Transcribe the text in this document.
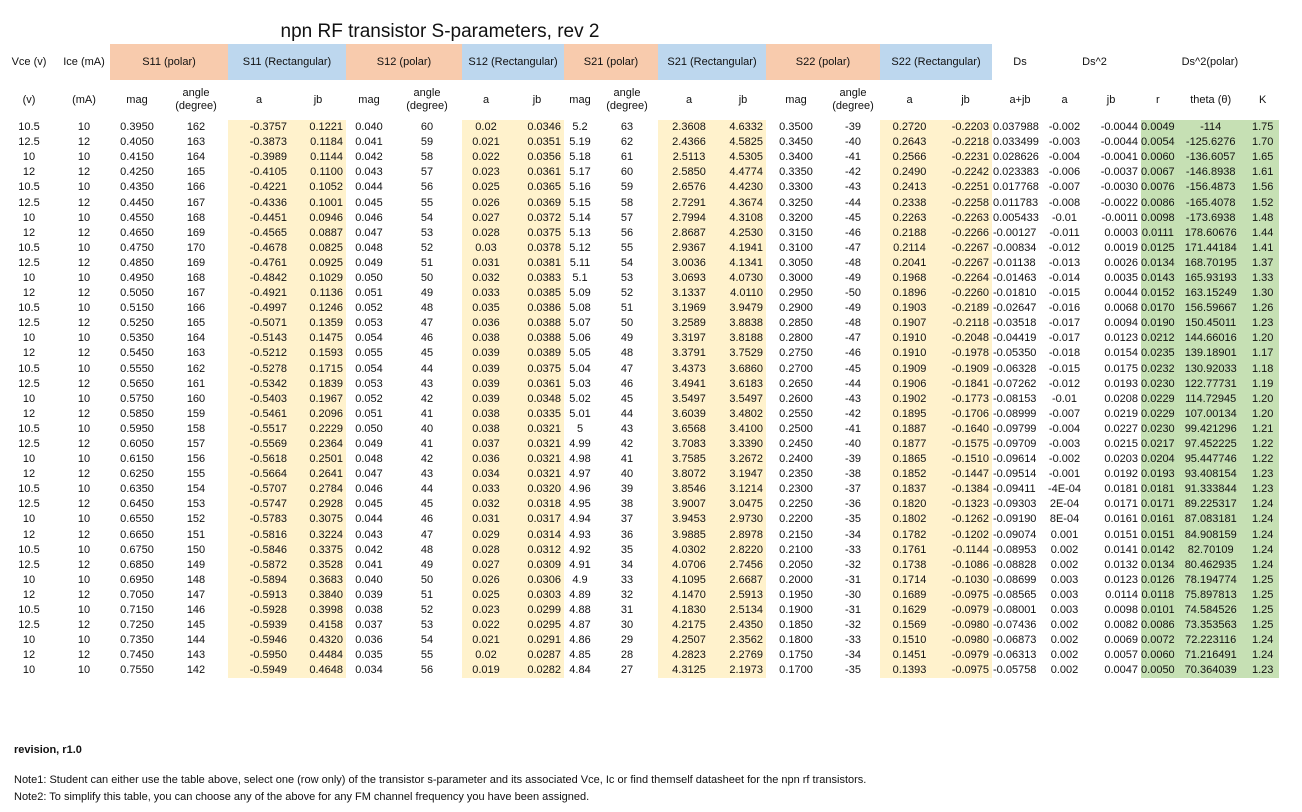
npn RF transistor S-parameters, rev 2
Vce (v)	Ice (mA)	S11 (polar)		S11 (Rectangular)		S12 (polar)		S12 (Rectangular)		S21 (polar)		S21 (Rectangular)		S22 (polar)		S22 (Rectangular)		Ds	Ds^2		Ds^2(polar)		
(v)	(mA)	mag	angle (degree)	a	jb	mag	angle (degree)	a	jb	mag	angle (degree)	a	jb	mag	angle (degree)	a	jb	a+jb	a	jb	r	theta (θ)	K
10.5	10	0.3950	162	-0.3757	0.1221	0.040	60	0.02	0.0346	5.2	63	2.3608	4.6332	0.3500	-39	0.2720	-0.2203	0.037988	-0.002	-0.0044	0.0049	-114	1.75
12.5	12	0.4050	163	-0.3873	0.1184	0.041	59	0.021	0.0351	5.19	62	2.4366	4.5825	0.3450	-40	0.2643	-0.2218	0.033499	-0.003	-0.0044	0.0054	-125.6276	1.70
10	10	0.4150	164	-0.3989	0.1144	0.042	58	0.022	0.0356	5.18	61	2.5113	4.5305	0.3400	-41	0.2566	-0.2231	0.028626	-0.004	-0.0041	0.0060	-136.6057	1.65
12	12	0.4250	165	-0.4105	0.1100	0.043	57	0.023	0.0361	5.17	60	2.5850	4.4774	0.3350	-42	0.2490	-0.2242	0.023383	-0.006	-0.0037	0.0067	-146.8938	1.61
10.5	10	0.4350	166	-0.4221	0.1052	0.044	56	0.025	0.0365	5.16	59	2.6576	4.4230	0.3300	-43	0.2413	-0.2251	0.017768	-0.007	-0.0030	0.0076	-156.4873	1.56
12.5	12	0.4450	167	-0.4336	0.1001	0.045	55	0.026	0.0369	5.15	58	2.7291	4.3674	0.3250	-44	0.2338	-0.2258	0.011783	-0.008	-0.0022	0.0086	-165.4078	1.52
10	10	0.4550	168	-0.4451	0.0946	0.046	54	0.027	0.0372	5.14	57	2.7994	4.3108	0.3200	-45	0.2263	-0.2263	0.005433	-0.01	-0.0011	0.0098	-173.6938	1.48
12	12	0.4650	169	-0.4565	0.0887	0.047	53	0.028	0.0375	5.13	56	2.8687	4.2530	0.3150	-46	0.2188	-0.2266	-0.00127	-0.011	0.0003	0.0111	178.60676	1.44
10.5	10	0.4750	170	-0.4678	0.0825	0.048	52	0.03	0.0378	5.12	55	2.9367	4.1941	0.3100	-47	0.2114	-0.2267	-0.00834	-0.012	0.0019	0.0125	171.44184	1.41
12.5	12	0.4850	169	-0.4761	0.0925	0.049	51	0.031	0.0381	5.11	54	3.0036	4.1341	0.3050	-48	0.2041	-0.2267	-0.01138	-0.013	0.0026	0.0134	168.70195	1.37
10	10	0.4950	168	-0.4842	0.1029	0.050	50	0.032	0.0383	5.1	53	3.0693	4.0730	0.3000	-49	0.1968	-0.2264	-0.01463	-0.014	0.0035	0.0143	165.93193	1.33
12	12	0.5050	167	-0.4921	0.1136	0.051	49	0.033	0.0385	5.09	52	3.1337	4.0110	0.2950	-50	0.1896	-0.2260	-0.01810	-0.015	0.0044	0.0152	163.15249	1.30
10.5	10	0.5150	166	-0.4997	0.1246	0.052	48	0.035	0.0386	5.08	51	3.1969	3.9479	0.2900	-49	0.1903	-0.2189	-0.02647	-0.016	0.0068	0.0170	156.59667	1.26
12.5	12	0.5250	165	-0.5071	0.1359	0.053	47	0.036	0.0388	5.07	50	3.2589	3.8838	0.2850	-48	0.1907	-0.2118	-0.03518	-0.017	0.0094	0.0190	150.45011	1.23
10	10	0.5350	164	-0.5143	0.1475	0.054	46	0.038	0.0388	5.06	49	3.3197	3.8188	0.2800	-47	0.1910	-0.2048	-0.04419	-0.017	0.0123	0.0212	144.66016	1.20
12	12	0.5450	163	-0.5212	0.1593	0.055	45	0.039	0.0389	5.05	48	3.3791	3.7529	0.2750	-46	0.1910	-0.1978	-0.05350	-0.018	0.0154	0.0235	139.18901	1.17
10.5	10	0.5550	162	-0.5278	0.1715	0.054	44	0.039	0.0375	5.04	47	3.4373	3.6860	0.2700	-45	0.1909	-0.1909	-0.06328	-0.015	0.0175	0.0232	130.92033	1.18
12.5	12	0.5650	161	-0.5342	0.1839	0.053	43	0.039	0.0361	5.03	46	3.4941	3.6183	0.2650	-44	0.1906	-0.1841	-0.07262	-0.012	0.0193	0.0230	122.77731	1.19
10	10	0.5750	160	-0.5403	0.1967	0.052	42	0.039	0.0348	5.02	45	3.5497	3.5497	0.2600	-43	0.1902	-0.1773	-0.08153	-0.01	0.0208	0.0229	114.72945	1.20
12	12	0.5850	159	-0.5461	0.2096	0.051	41	0.038	0.0335	5.01	44	3.6039	3.4802	0.2550	-42	0.1895	-0.1706	-0.08999	-0.007	0.0219	0.0229	107.00134	1.20
10.5	10	0.5950	158	-0.5517	0.2229	0.050	40	0.038	0.0321	5	43	3.6568	3.4100	0.2500	-41	0.1887	-0.1640	-0.09799	-0.004	0.0227	0.0230	99.421296	1.21
12.5	12	0.6050	157	-0.5569	0.2364	0.049	41	0.037	0.0321	4.99	42	3.7083	3.3390	0.2450	-40	0.1877	-0.1575	-0.09709	-0.003	0.0215	0.0217	97.452225	1.22
10	10	0.6150	156	-0.5618	0.2501	0.048	42	0.036	0.0321	4.98	41	3.7585	3.2672	0.2400	-39	0.1865	-0.1510	-0.09614	-0.002	0.0203	0.0204	95.447746	1.22
12	12	0.6250	155	-0.5664	0.2641	0.047	43	0.034	0.0321	4.97	40	3.8072	3.1947	0.2350	-38	0.1852	-0.1447	-0.09514	-0.001	0.0192	0.0193	93.408154	1.23
10.5	10	0.6350	154	-0.5707	0.2784	0.046	44	0.033	0.0320	4.96	39	3.8546	3.1214	0.2300	-37	0.1837	-0.1384	-0.09411	-4E-04	0.0181	0.0181	91.333844	1.23
12.5	12	0.6450	153	-0.5747	0.2928	0.045	45	0.032	0.0318	4.95	38	3.9007	3.0475	0.2250	-36	0.1820	-0.1323	-0.09303	2E-04	0.0171	0.0171	89.225317	1.24
10	10	0.6550	152	-0.5783	0.3075	0.044	46	0.031	0.0317	4.94	37	3.9453	2.9730	0.2200	-35	0.1802	-0.1262	-0.09190	8E-04	0.0161	0.0161	87.083181	1.24
12	12	0.6650	151	-0.5816	0.3224	0.043	47	0.029	0.0314	4.93	36	3.9885	2.8978	0.2150	-34	0.1782	-0.1202	-0.09074	0.001	0.0151	0.0151	84.908159	1.24
10.5	10	0.6750	150	-0.5846	0.3375	0.042	48	0.028	0.0312	4.92	35	4.0302	2.8220	0.2100	-33	0.1761	-0.1144	-0.08953	0.002	0.0141	0.0142	82.70109	1.24
12.5	12	0.6850	149	-0.5872	0.3528	0.041	49	0.027	0.0309	4.91	34	4.0706	2.7456	0.2050	-32	0.1738	-0.1086	-0.08828	0.002	0.0132	0.0134	80.462935	1.24
10	10	0.6950	148	-0.5894	0.3683	0.040	50	0.026	0.0306	4.9	33	4.1095	2.6687	0.2000	-31	0.1714	-0.1030	-0.08699	0.003	0.0123	0.0126	78.194774	1.25
12	12	0.7050	147	-0.5913	0.3840	0.039	51	0.025	0.0303	4.89	32	4.1470	2.5913	0.1950	-30	0.1689	-0.0975	-0.08565	0.003	0.0114	0.0118	75.897813	1.25
10.5	10	0.7150	146	-0.5928	0.3998	0.038	52	0.023	0.0299	4.88	31	4.1830	2.5134	0.1900	-31	0.1629	-0.0979	-0.08001	0.003	0.0098	0.0101	74.584526	1.25
12.5	12	0.7250	145	-0.5939	0.4158	0.037	53	0.022	0.0295	4.87	30	4.2175	2.4350	0.1850	-32	0.1569	-0.0980	-0.07436	0.002	0.0082	0.0086	73.353563	1.25
10	10	0.7350	144	-0.5946	0.4320	0.036	54	0.021	0.0291	4.86	29	4.2507	2.3562	0.1800	-33	0.1510	-0.0980	-0.06873	0.002	0.0069	0.0072	72.223116	1.24
12	12	0.7450	143	-0.5950	0.4484	0.035	55	0.02	0.0287	4.85	28	4.2823	2.2769	0.1750	-34	0.1451	-0.0979	-0.06313	0.002	0.0057	0.0060	71.216491	1.24
10	10	0.7550	142	-0.5949	0.4648	0.034	56	0.019	0.0282	4.84	27	4.3125	2.1973	0.1700	-35	0.1393	-0.0975	-0.05758	0.002	0.0047	0.0050	70.364039	1.23
revision, r1.0
Note1: Student can either use the table above, select one (row only) of the transistor s-parameter and its associated Vce, Ic or find themself datasheet for the npn rf transistors.
Note2: To simplify this table, you can choose any of the above for any FM channel frequency you have been assigned.
